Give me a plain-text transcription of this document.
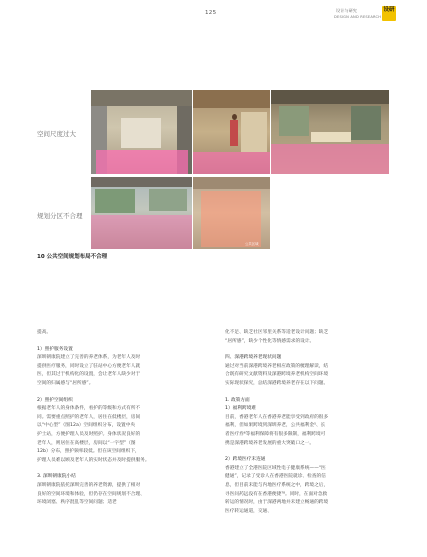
125	设计与研究
DESIGN AND RESEARCH
设研
空间尺度过大
规划分区不合理
公共区域
10 公共空间规划布局不合理

提高。

1）照护服务设置

深圳朝康院建立了完善的养老体系，为老年人及时

提供医疗服务，同时设立了驻站中心方便老年人就

医，但其过于机构化的设置，会让老年人缺少对于

空间的归属感与“居所感”。

2）照护空间组织

根据老年人的身体条件，看护的等级和方式有所不

同。需要重点照护的老年人，居住在低楼层，房间

以“中心型”（图12a）空间组织分布，设置中央

护士站，方便护理人员及时照护。身体状况良好的

老年人，则居住在高楼层，房间以“一字型”（图

12b）分布，照护频率较低。但在该空间组织下，

护理人员难以顾及老年人的实时状态并及时提供服务。

3. 深圳朝康院小结

深圳朝康院依托深圳完善的养老资源，提供了相对

良好的空间环境和体验，但仍存在空间规划不合理、

环境闭塞、秩序混乱等空间问题；适老

化不足、缺乏社区邻里关系等适老设计问题；缺乏

“居所感”，缺少个性化等情感需求的设计。

四、深港跨境养老现状问题

通过对当前深港跨境养老相应政策的梳理解读，结

合既有研究文献资料及深港跨境养老机构空间环境

实际现状探究，总结深港跨境养老存在以下问题。

1. 政策方面

1）福利跨境难

目前，香港老年人在香港养老能享受到政府的很多

福利，但如果跨境到深圳养老，公共福利金⁵、长

者医疗券⁶等福利保障将有很多限制，福利跨境可

携是深港跨境养老发展的重大突破口之一。

2）跨境医疗未连通

香港建立了全港医院区域性电子健康系统——“医

健通”，记录了受诊人在香港医院就诊、检查的信

息，但目前未能与内地医疗系统之中，跨境之后，

寻医问药远没有在香港便捷⁷⁸。同时，在面对急救

转运的情况时，由于深港两地并未建立畅通的跨境

医疗转运通道，交通、
